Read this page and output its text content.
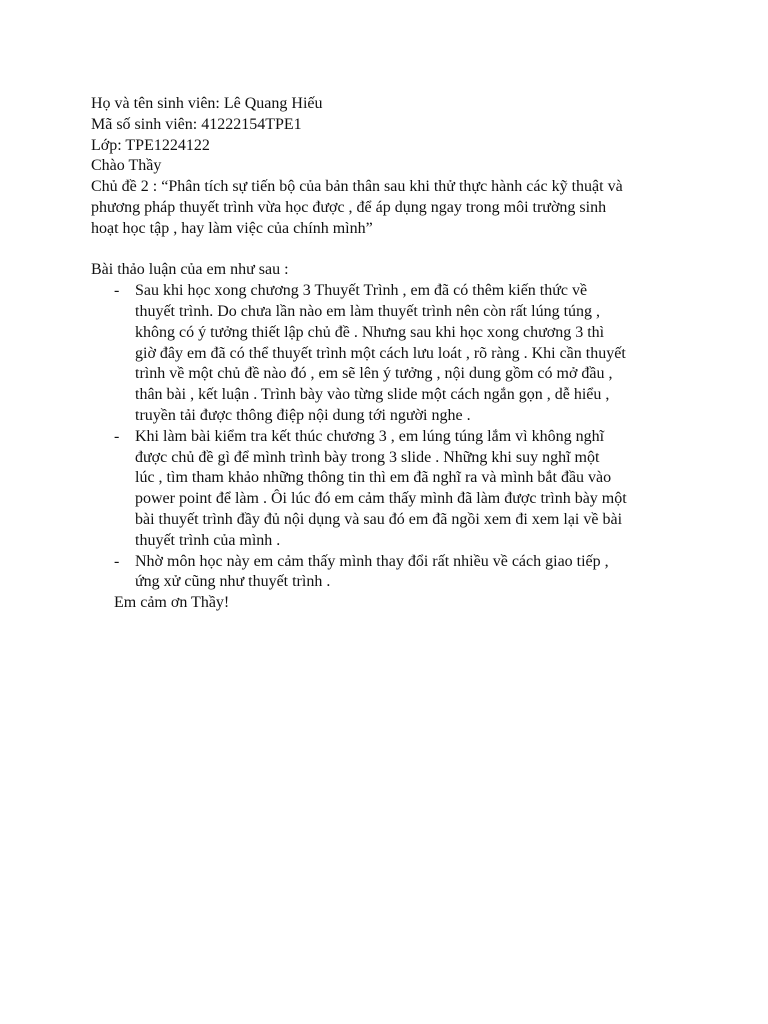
Họ và tên sinh viên: Lê Quang Hiếu
Mã số sinh viên: 41222154TPE1
Lớp: TPE1224122
Chào Thầy
Chủ đề 2 : “Phân tích sự tiến bộ của bản thân sau khi thử thực hành các kỹ thuật và
phương pháp thuyết trình vừa học được , để áp dụng ngay trong môi trường sinh
hoạt học tập , hay làm việc của chính mình”
Bài thảo luận của em như sau :
- Sau khi học xong chương 3 Thuyết Trình , em đã có thêm kiến thức về
thuyết trình. Do chưa lần nào em làm thuyết trình nên còn rất lúng túng ,
không có ý tưởng thiết lập chủ đề . Nhưng sau khi học xong chương 3 thì
giờ đây em đã có thể thuyết trình một cách lưu loát , rõ ràng . Khi cần thuyết
trình về một chủ đề nào đó , em sẽ lên ý tưởng , nội dung gồm có mở đầu ,
thân bài , kết luận . Trình bày vào từng slide một cách ngắn gọn , dễ hiểu ,
truyền tải được thông điệp nội dung tới người nghe .
- Khi làm bài kiểm tra kết thúc chương 3 , em lúng túng lắm vì không nghĩ
được chủ đề gì để mình trình bày trong 3 slide . Những khi suy nghĩ một
lúc , tìm tham khảo những thông tin thì em đã nghĩ ra và mình bắt đầu vào
power point để làm . Ôi lúc đó em cảm thấy mình đã làm được trình bày một
bài thuyết trình đầy đủ nội dụng và sau đó em đã ngồi xem đi xem lại về bài
thuyết trình của mình .
- Nhờ môn học này em cảm thấy mình thay đổi rất nhiều về cách giao tiếp ,
ứng xử cũng như thuyết trình .
Em cảm ơn Thầy!
